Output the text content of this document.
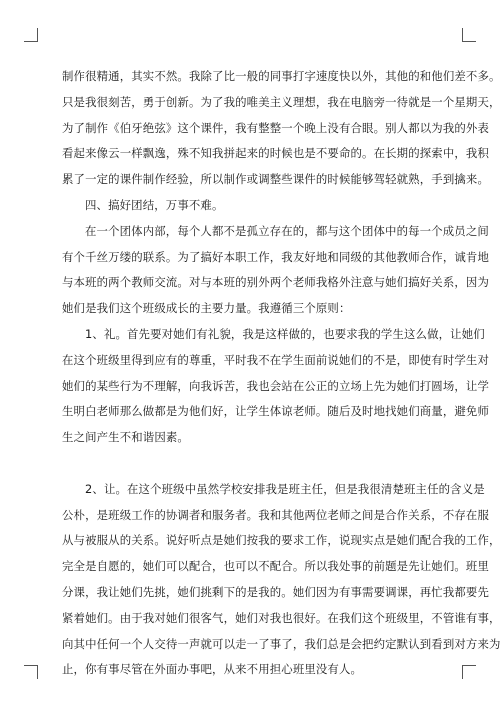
制作很精通，其实不然。我除了比一般的同事打字速度快以外，其他的和他们差不多。
只是我很刻苦，勇于创新。为了我的唯美主义理想，我在电脑旁一待就是一个星期天，
为了制作《伯牙绝弦》这个课件，我有整整一个晚上没有合眼。别人都以为我的外表
看起来像云一样飘逸，殊不知我拼起来的时候也是不要命的。在长期的探索中，我积
累了一定的课件制作经验，所以制作或调整些课件的时候能够驾轻就熟，手到擒来。
四、搞好团结，万事不难。
在一个团体内部，每个人都不是孤立存在的，都与这个团体中的每一个成员之间
有个千丝万缕的联系。为了搞好本职工作，我友好地和同级的其他教师合作，诚肯地
与本班的两个教师交流。对与本班的别外两个老师我格外注意与她们搞好关系，因为
她们是我们这个班级成长的主要力量。我遵循三个原则：
1、礼。首先要对她们有礼貌，我是这样做的，也要求我的学生这么做，让她们
在这个班级里得到应有的尊重，平时我不在学生面前说她们的不是，即使有时学生对
她们的某些行为不理解，向我诉苦，我也会站在公正的立场上先为她们打圆场，让学
生明白老师那么做都是为他们好，让学生体谅老师。随后及时地找她们商量，避免师
生之间产生不和谐因素。
2、让。在这个班级中虽然学校安排我是班主任，但是我很清楚班主任的含义是
公朴，是班级工作的协调者和服务者。我和其他两位老师之间是合作关系，不存在服
从与被服从的关系。说好听点是她们按我的要求工作，说现实点是她们配合我的工作，
完全是自愿的，她们可以配合，也可以不配合。所以我处事的前题是先让她们。班里
分课，我让她们先挑，她们挑剩下的是我的。她们因为有事需要调课，再忙我都要先
紧着她们。由于我对她们很客气，她们对我也很好。在我们这个班级里，不管谁有事，
向其中任何一个人交待一声就可以走一了事了，我们总是会把约定默认到看到对方来为
止，你有事尽管在外面办事吧，从来不用担心班里没有人。
